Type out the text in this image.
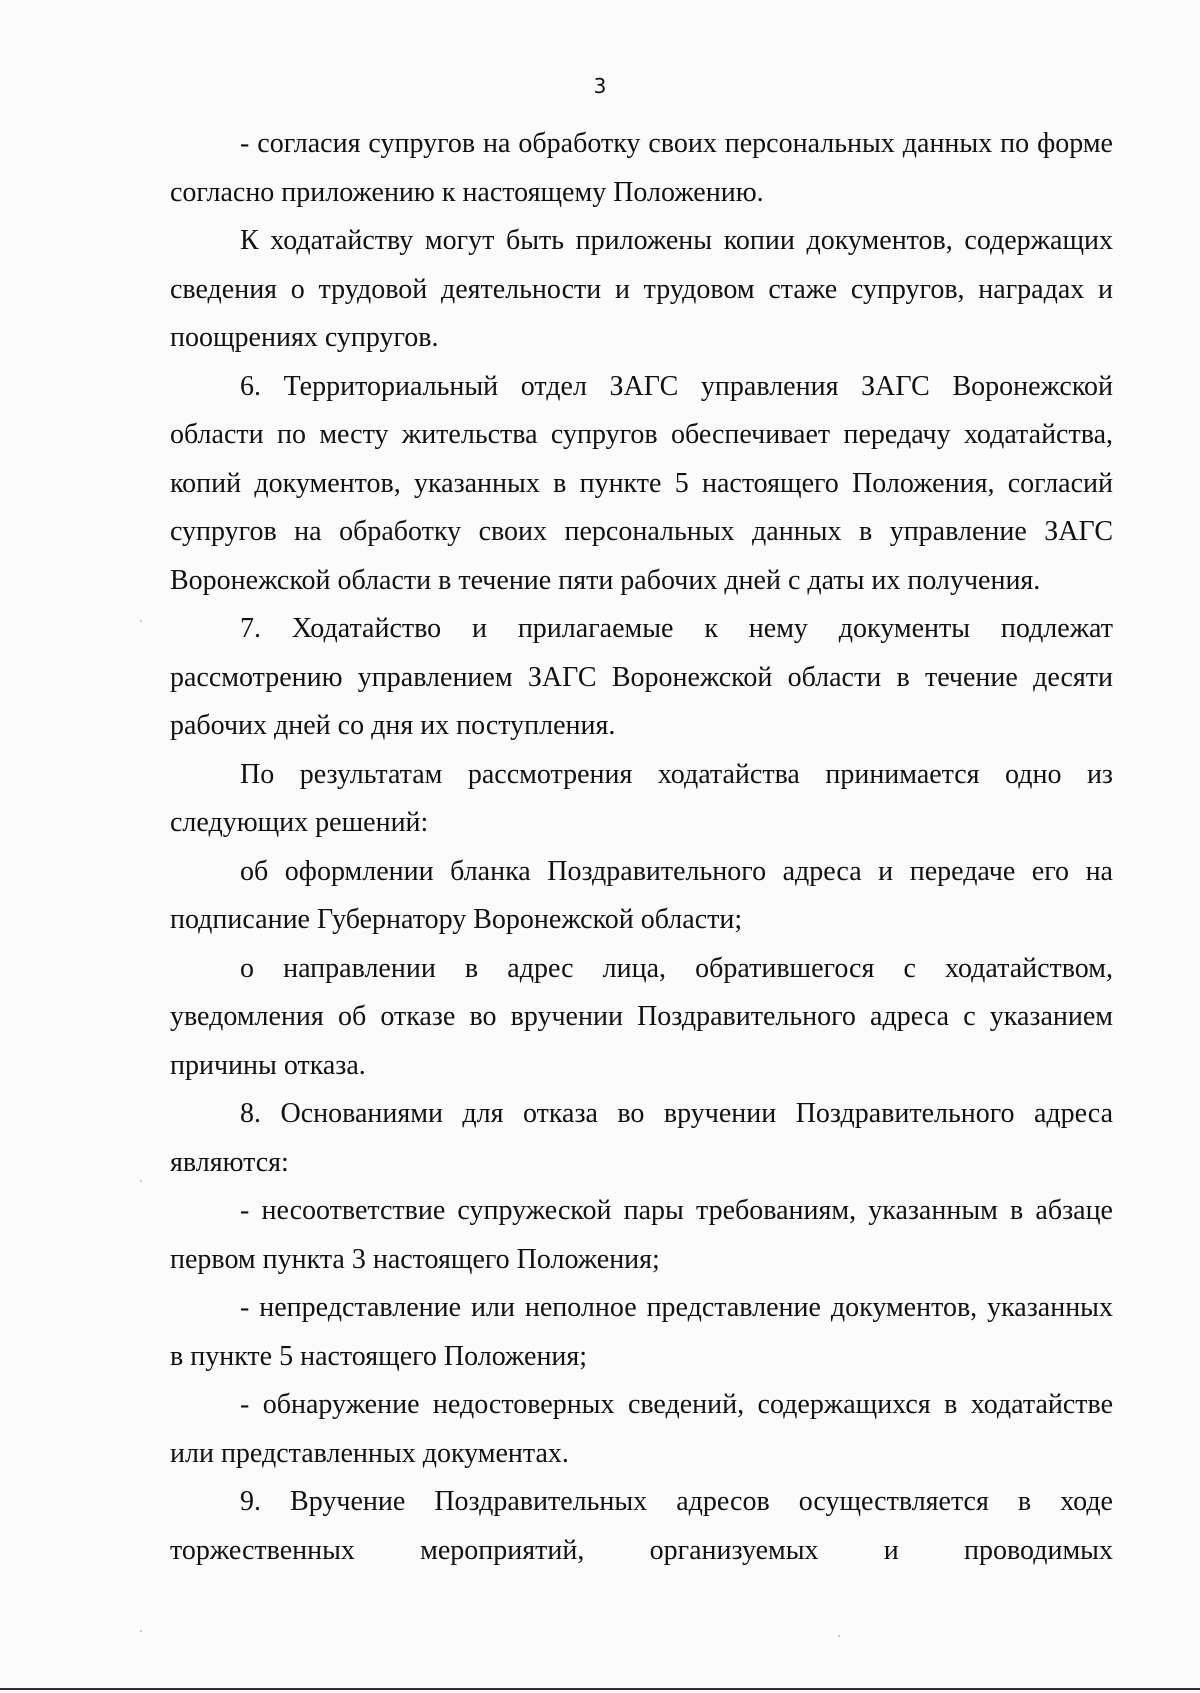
3

- согласия супругов на обработку своих персональных данных по форме согласно приложению к настоящему Положению.

К ходатайству могут быть приложены копии документов, содержащих сведения о трудовой деятельности и трудовом стаже супругов, наградах и поощрениях супругов.

6. Территориальный отдел ЗАГС управления ЗАГС Воронежской области по месту жительства супругов обеспечивает передачу ходатайства, копий документов, указанных в пункте 5 настоящего Положения, согласий супругов на обработку своих персональных данных в управление ЗАГС Воронежской области в течение пяти рабочих дней с даты их получения.

7. Ходатайство и прилагаемые к нему документы подлежат рассмотрению управлением ЗАГС Воронежской области в течение десяти рабочих дней со дня их поступления.

По результатам рассмотрения ходатайства принимается одно из следующих решений:

об оформлении бланка Поздравительного адреса и передаче его на подписание Губернатору Воронежской области;

о направлении в адрес лица, обратившегося с ходатайством, уведомления об отказе во вручении Поздравительного адреса с указанием причины отказа.

8. Основаниями для отказа во вручении Поздравительного адреса являются:

- несоответствие супружеской пары требованиям, указанным в абзаце первом пункта 3 настоящего Положения;

- непредставление или неполное представление документов, указанных в пункте 5 настоящего Положения;

- обнаружение недостоверных сведений, содержащихся в ходатайстве или представленных документах.

9. Вручение Поздравительных адресов осуществляется в ходе торжественных мероприятий, организуемых и проводимых
